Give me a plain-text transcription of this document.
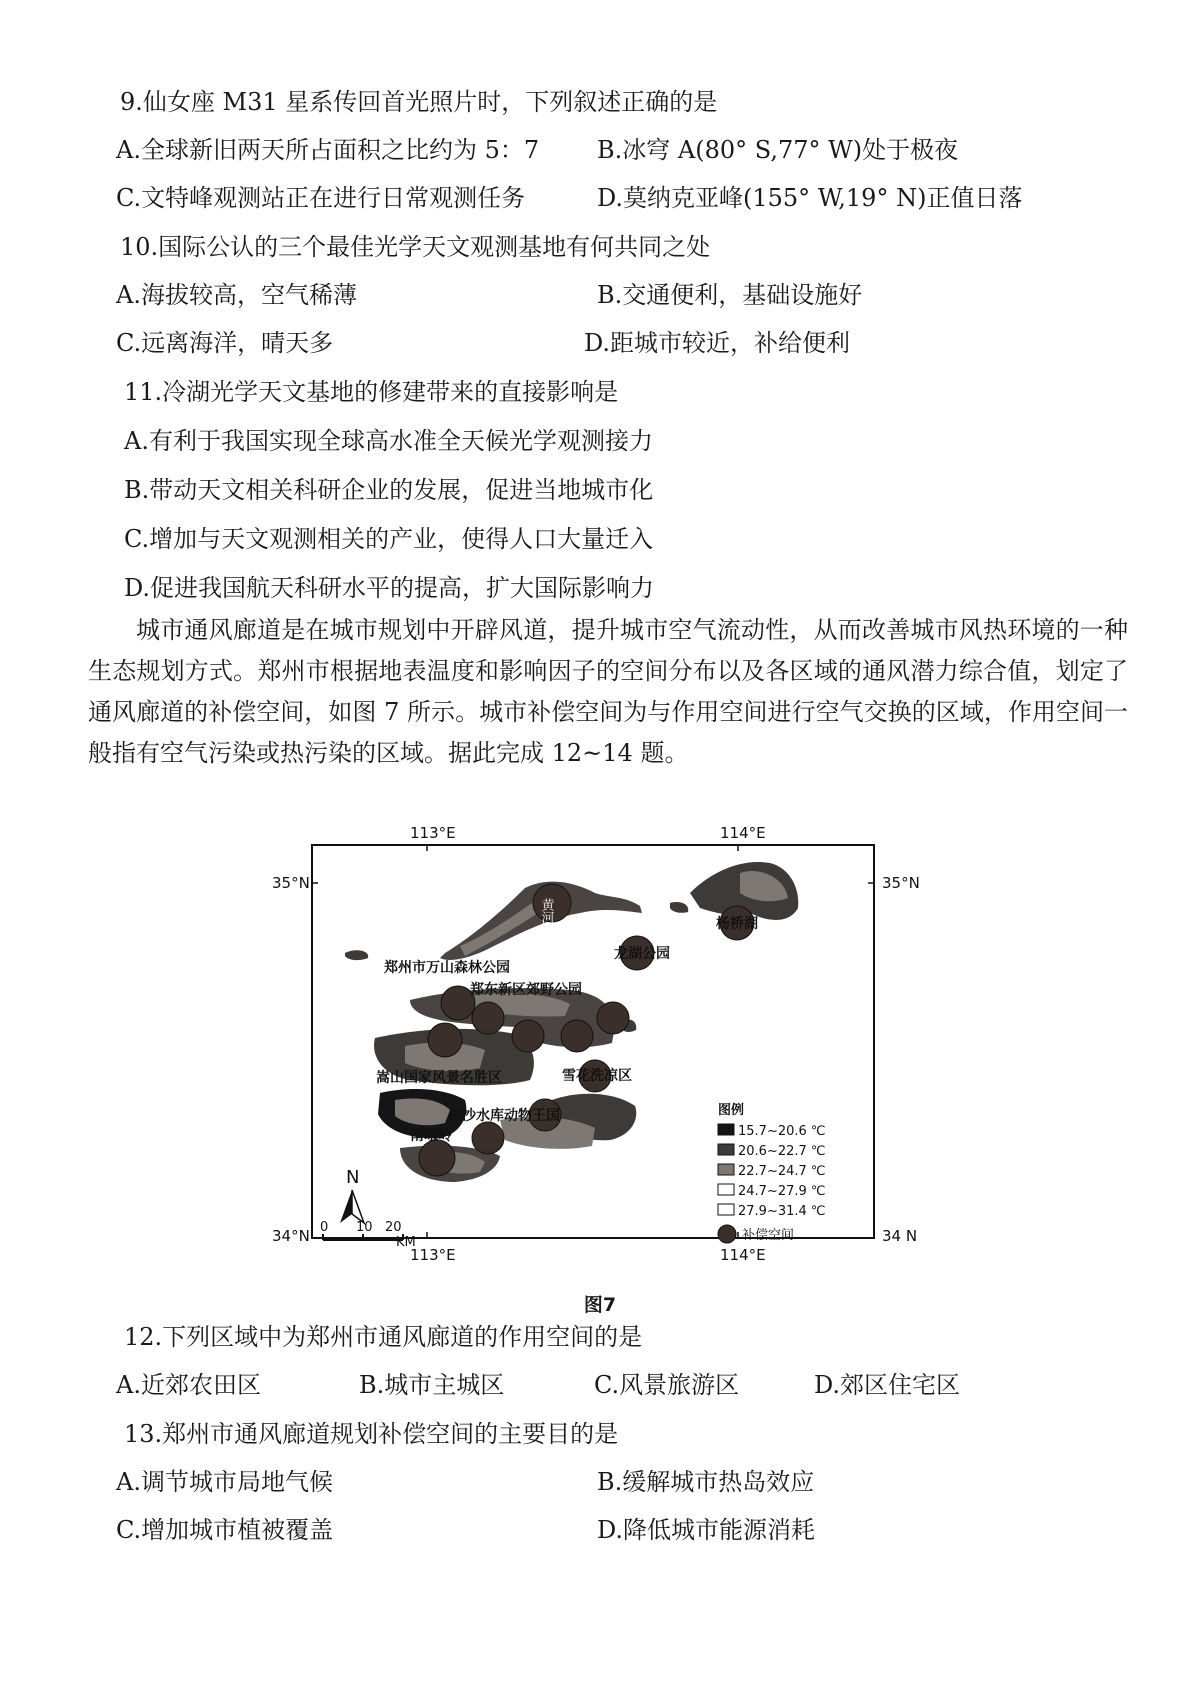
9.仙女座 M31 星系传回首光照片时，下列叙述正确的是
A.全球新旧两天所占面积之比约为 5：7 B.冰穹 A(80° S,77° W)处于极夜
C.文特峰观测站正在进行日常观测任务	D.莫纳克亚峰(155° W,19° N)正值日落
10.国际公认的三个最佳光学天文观测基地有何共同之处
A.海拔较高，空气稀薄	B.交通便利，基础设施好
C.远离海洋，晴天多	D.距城市较近，补给便利
11.冷湖光学天文基地的修建带来的直接影响是
A.有利于我国实现全球高水准全天候光学观测接力
B.带动天文相关科研企业的发展，促进当地城市化
C.增加与天文观测相关的产业，使得人口大量迁入
D.促进我国航天科研水平的提高，扩大国际影响力
城市通风廊道是在城市规划中开辟风道，提升城市空气流动性，从而改善城市风热环境的一种生态规划方式。郑州市根据地表温度和影响因子的空间分布以及各区域的通风潜力综合值，划定了通风廊道的补偿空间，如图 7 所示。城市补偿空间为与作用空间进行空气交换的区域，作用空间一般指有空气污染或热污染的区域。据此完成 12~14 题。
113°E	114°E
113°E	114°E
35°N	35°N
34°N	34 N
黄河
龙湖公园
杨桥湖
郑州市万山森林公园
郑东新区郊野公园
嵩山国家风景名胜区	雪花洗凉区
白沙水库动物王国
南峨岭
N
0 10 20
KM
图例
15.7~20.6 ℃
20.6~22.7 ℃
22.7~24.7 ℃
24.7~27.9 ℃
27.9~31.4 ℃
补偿空间
图7
12.下列区域中为郑州市通风廊道的作用空间的是
A.近郊农田区	B.城市主城区	C.风景旅游区	D.郊区住宅区
13.郑州市通风廊道规划补偿空间的主要目的是
A.调节城市局地气候	B.缓解城市热岛效应
C.增加城市植被覆盖	D.降低城市能源消耗
